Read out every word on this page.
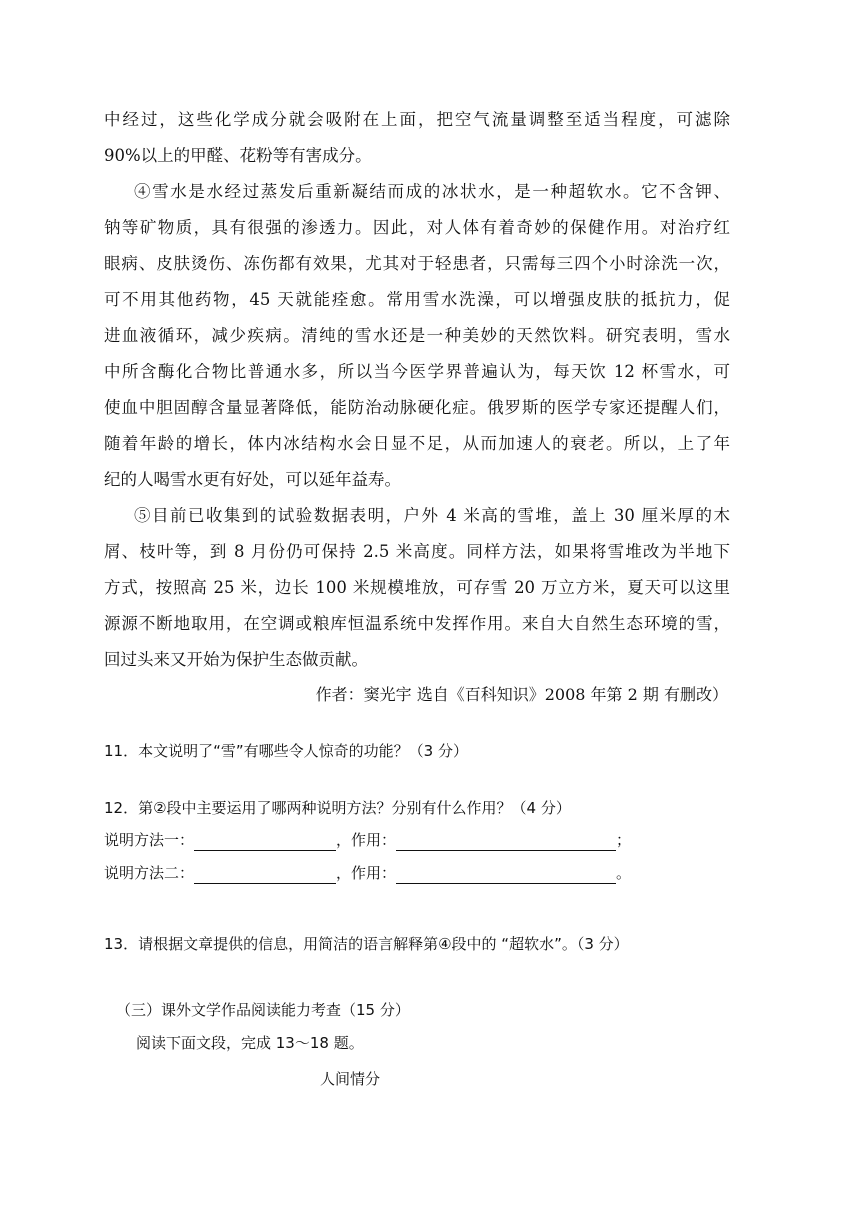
中经过，这些化学成分就会吸附在上面，把空气流量调整至适当程度，可滤除
90%以上的甲醛、花粉等有害成分。
④雪水是水经过蒸发后重新凝结而成的冰状水，是一种超软水。它不含钾、
钠等矿物质，具有很强的渗透力。因此，对人体有着奇妙的保健作用。对治疗红
眼病、皮肤烫伤、冻伤都有效果，尤其对于轻患者，只需每三四个小时涂洗一次，
可不用其他药物，45 天就能痊愈。常用雪水洗澡，可以增强皮肤的抵抗力，促
进血液循环，减少疾病。清纯的雪水还是一种美妙的天然饮料。研究表明，雪水
中所含酶化合物比普通水多，所以当今医学界普遍认为，每天饮 12 杯雪水，可
使血中胆固醇含量显著降低，能防治动脉硬化症。俄罗斯的医学专家还提醒人们，
随着年龄的增长，体内冰结构水会日显不足，从而加速人的衰老。所以，上了年
纪的人喝雪水更有好处，可以延年益寿。
⑤目前已收集到的试验数据表明，户外 4 米高的雪堆，盖上 30 厘米厚的木
屑、枝叶等，到 8 月份仍可保持 2.5 米高度。同样方法，如果将雪堆改为半地下
方式，按照高 25 米，边长 100 米规模堆放，可存雪 20 万立方米，夏天可以这里
源源不断地取用，在空调或粮库恒温系统中发挥作用。来自大自然生态环境的雪，
回过头来又开始为保护生态做贡献。
作者：窦光宇 选自《百科知识》2008 年第 2 期 有删改）
11．本文说明了“雪”有哪些令人惊奇的功能？（3 分）
12．第②段中主要运用了哪两种说明方法？分别有什么作用？（4 分）
说明方法一：	，作用：	；
说明方法二：	，作用：	。
13．请根据文章提供的信息，用简洁的语言解释第④段中的 “超软水”。（3 分）
（三）课外文学作品阅读能力考查（15 分）
阅读下面文段，完成 13～18 题。
人间情分
